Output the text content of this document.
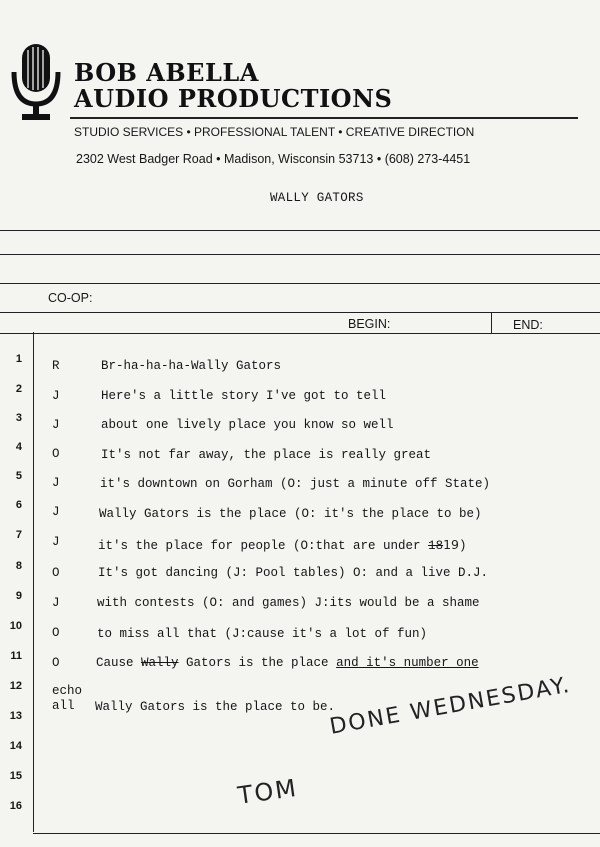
BOB ABELLA
AUDIO PRODUCTIONS
STUDIO SERVICES • PROFESSIONAL TALENT • CREATIVE DIRECTION
2302 West Badger Road • Madison, Wisconsin 53713 • (608) 273-4451
WALLY GATORS
CO-OP:
BEGIN:	END:
1
2
3
4
5
6
7
8
9
10
11
12
13
14
15
16
R
J
J
O
J
J
J
O
J
O
O
echo
all
Br-ha-ha-ha-Wally Gators
Here's a little story I've got to tell
about one lively place you know so well
It's not far away, the place is really great
it's downtown on Gorham (O: just a minute off State)
Wally Gators is the place (O: it's the place to be)
it's the place for people (O:that are under 1819)
It's got dancing (J: Pool tables) O: and a live D.J.
with contests (O: and games) J:its would be a shame
to miss all that (J:cause it's a lot of fun)
Cause Wally Gators is the place and it's number one
Wally Gators is the place to be.
DONE WEDNESDAY.
TOM
